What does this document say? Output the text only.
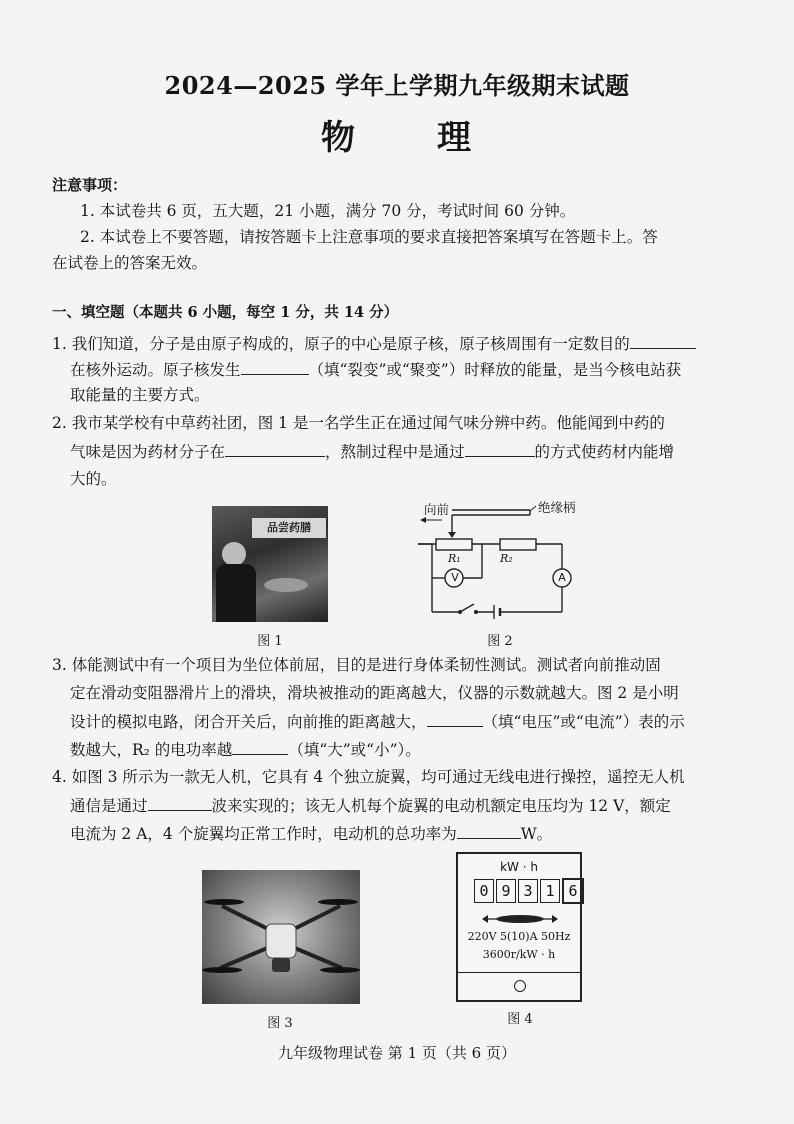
2024—2025 学年上学期九年级期末试题
物 理
注意事项：
1. 本试卷共 6 页，五大题，21 小题，满分 70 分，考试时间 60 分钟。
2. 本试卷上不要答题，请按答题卡上注意事项的要求直接把答案填写在答题卡上。答
在试卷上的答案无效。
一、填空题（本题共 6 小题，每空 1 分，共 14 分）
1. 我们知道，分子是由原子构成的，原子的中心是原子核，原子核周围有一定数目的
在核外运动。原子核发生	（填“裂变”或“聚变”）时释放的能量，是当今核电站获
取能量的主要方式。
2. 我市某学校有中草药社团，图 1 是一名学生正在通过闻气味分辨中药。他能闻到中药的
气味是因为药材分子在	，熬制过程中是通过	的方式使药材内能增
大的。
品尝药膳
图 1
向前	绝缘柄
R₁	R₂
V	A
图 2
3. 体能测试中有一个项目为坐位体前屈，目的是进行身体柔韧性测试。测试者向前推动固
定在滑动变阻器滑片上的滑块，滑块被推动的距离越大，仪器的示数就越大。图 2 是小明
设计的模拟电路，闭合开关后，向前推的距离越大，	（填“电压”或“电流”）表的示
数越大，R₂ 的电功率越	（填“大”或“小”）。
4. 如图 3 所示为一款无人机，它具有 4 个独立旋翼，均可通过无线电进行操控，遥控无人机
通信是通过	波来实现的；该无人机每个旋翼的电动机额定电压均为 12 V，额定
电流为 2 A，4 个旋翼均正常工作时，电动机的总功率为	W。
图 3
kW · h
0 9 3 1 6
220V 5(10)A 50Hz
3600r/kW · h
图 4
九年级物理试卷 第 1 页（共 6 页）
